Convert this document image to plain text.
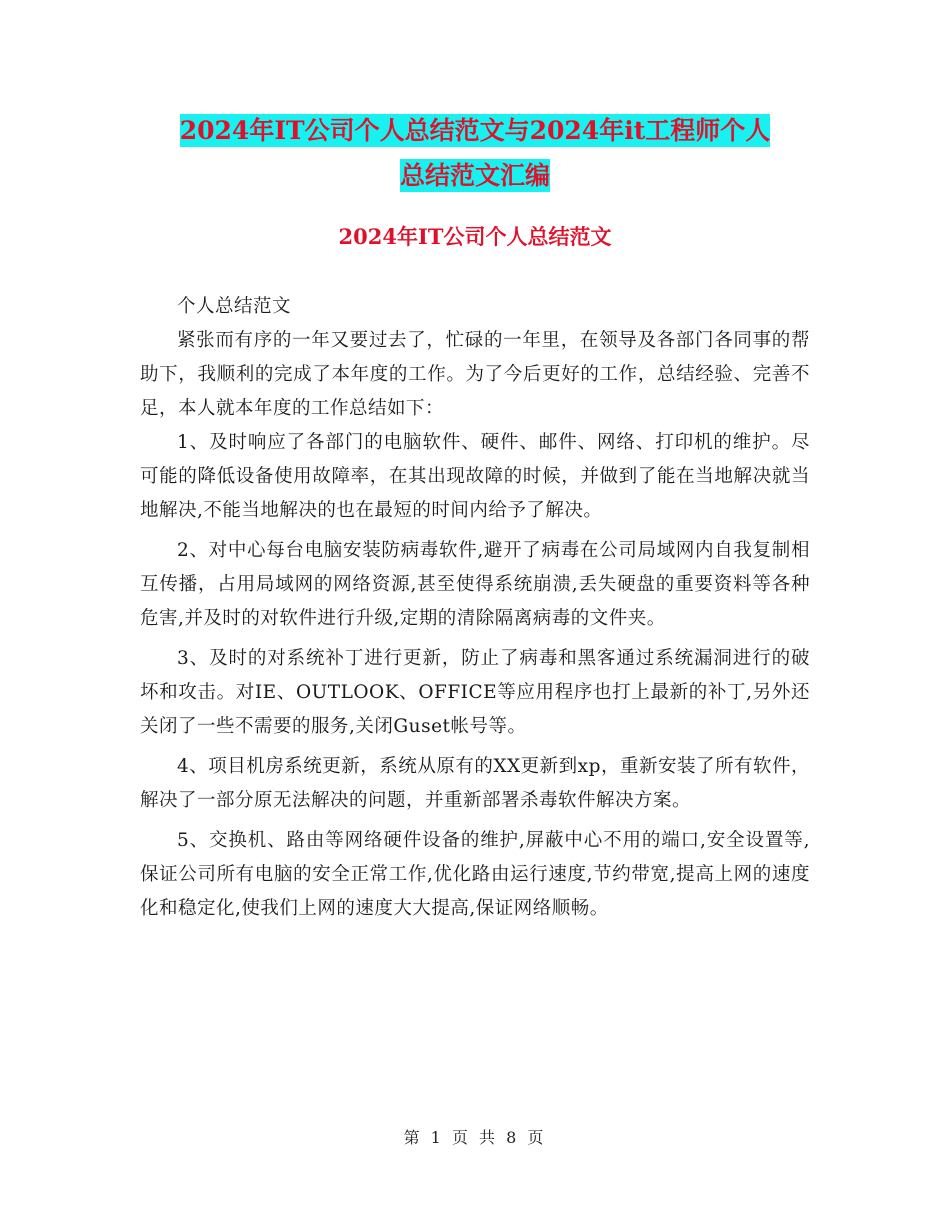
2024年IT公司个人总结范文与2024年it工程师个人
总结范文汇编
2024年IT公司个人总结范文

个人总结范文

紧张而有序的一年又要过去了，忙碌的一年里，在领导及各部门各同事的帮助下，我顺利的完成了本年度的工作。为了今后更好的工作，总结经验、完善不足，本人就本年度的工作总结如下：

1、及时响应了各部门的电脑软件、硬件、邮件、网络、打印机的维护。尽可能的降低设备使用故障率，在其出现故障的时候，并做到了能在当地解决就当地解决,不能当地解决的也在最短的时间内给予了解决。

2、对中心每台电脑安装防病毒软件,避开了病毒在公司局域网内自我复制相互传播，占用局域网的网络资源,甚至使得系统崩溃,丢失硬盘的重要资料等各种危害,并及时的对软件进行升级,定期的清除隔离病毒的文件夹。

3、及时的对系统补丁进行更新，防止了病毒和黑客通过系统漏洞进行的破坏和攻击。对IE、OUTLOOK、OFFICE等应用程序也打上最新的补丁,另外还关闭了一些不需要的服务,关闭Guset帐号等。

4、项目机房系统更新，系统从原有的XX更新到xp，重新安装了所有软件，解决了一部分原无法解决的问题，并重新部署杀毒软件解决方案。

5、交换机、路由等网络硬件设备的维护,屏蔽中心不用的端口,安全设置等,保证公司所有电脑的安全正常工作,优化路由运行速度,节约带宽,提高上网的速度化和稳定化,使我们上网的速度大大提高,保证网络顺畅。

第 1 页 共 8 页
